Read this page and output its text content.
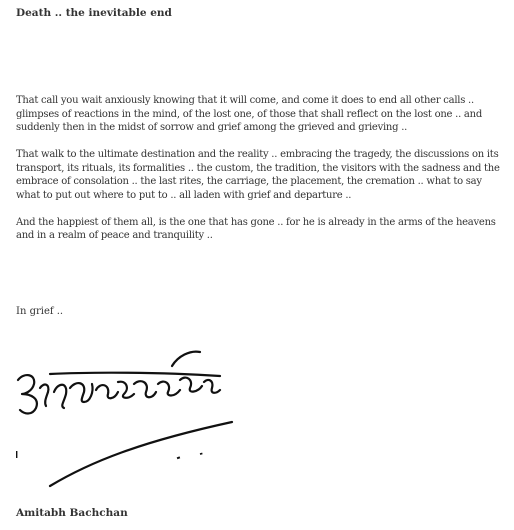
Death .. the inevitable end

That call you wait anxiously knowing that it will come, and come it does to end all other calls .. glimpses of reactions in the mind, of the lost one, of those that shall reflect on the lost one .. and suddenly then in the midst of sorrow and grief among the grieved and grieving ..

That walk to the ultimate destination and the reality .. embracing the tragedy, the discussions on its transport, its rituals, its formalities .. the custom, the tradition, the visitors with the sadness and the embrace of consolation .. the last rites, the carriage, the placement, the cremation .. what to say what to put out where to put to .. all laden with grief and departure ..

And the happiest of them all, is the one that has gone .. for he is already in the arms of the heavens and in a realm of peace and tranquility ..

In grief ..

Amitabh Bachchan
